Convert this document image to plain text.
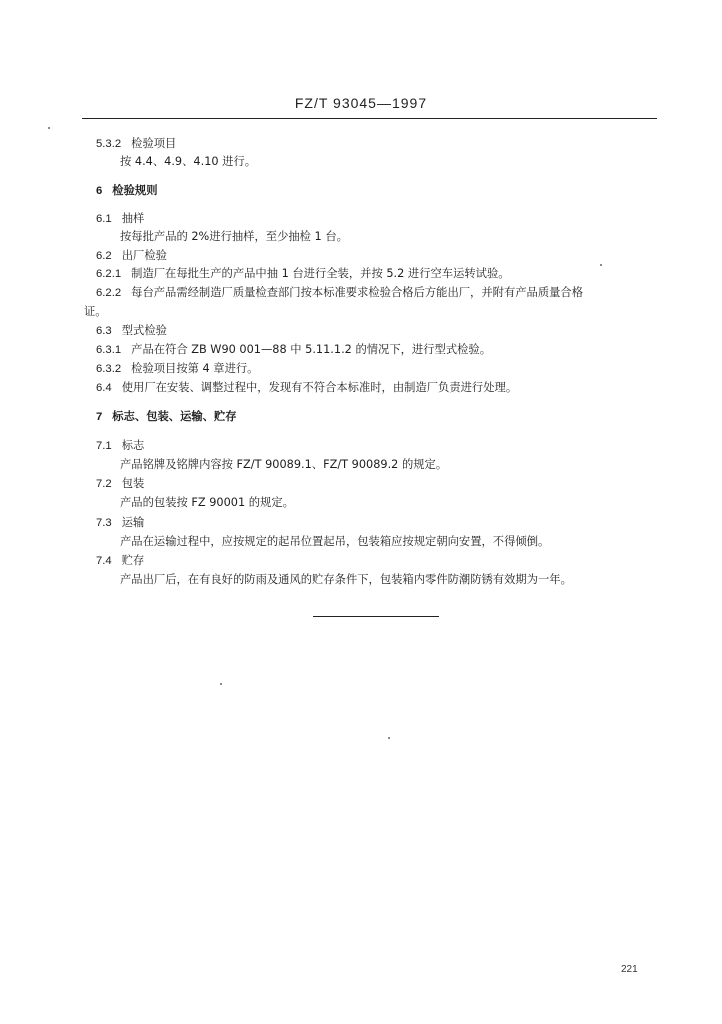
FZ/T 93045—1997
5.3.2 检验项目
按 4.4、4.9、4.10 进行。
6 检验规则
6.1 抽样
按每批产品的 2%进行抽样，至少抽检 1 台。
6.2 出厂检验
6.2.1 制造厂在每批生产的产品中抽 1 台进行全装，并按 5.2 进行空车运转试验。
6.2.2 每台产品需经制造厂质量检查部门按本标准要求检验合格后方能出厂，并附有产品质量合格
证。
6.3 型式检验
6.3.1 产品在符合 ZB W90 001—88 中 5.11.1.2 的情况下，进行型式检验。
6.3.2 检验项目按第 4 章进行。
6.4 使用厂在安装、调整过程中，发现有不符合本标准时，由制造厂负责进行处理。
7 标志、包装、运输、贮存
7.1 标志
产品铭牌及铭牌内容按 FZ/T 90089.1、FZ/T 90089.2 的规定。
7.2 包装
产品的包装按 FZ 90001 的规定。
7.3 运输
产品在运输过程中，应按规定的起吊位置起吊，包装箱应按规定朝向安置，不得倾倒。
7.4 贮存
产品出厂后，在有良好的防雨及通风的贮存条件下，包装箱内零件防潮防锈有效期为一年。
221
